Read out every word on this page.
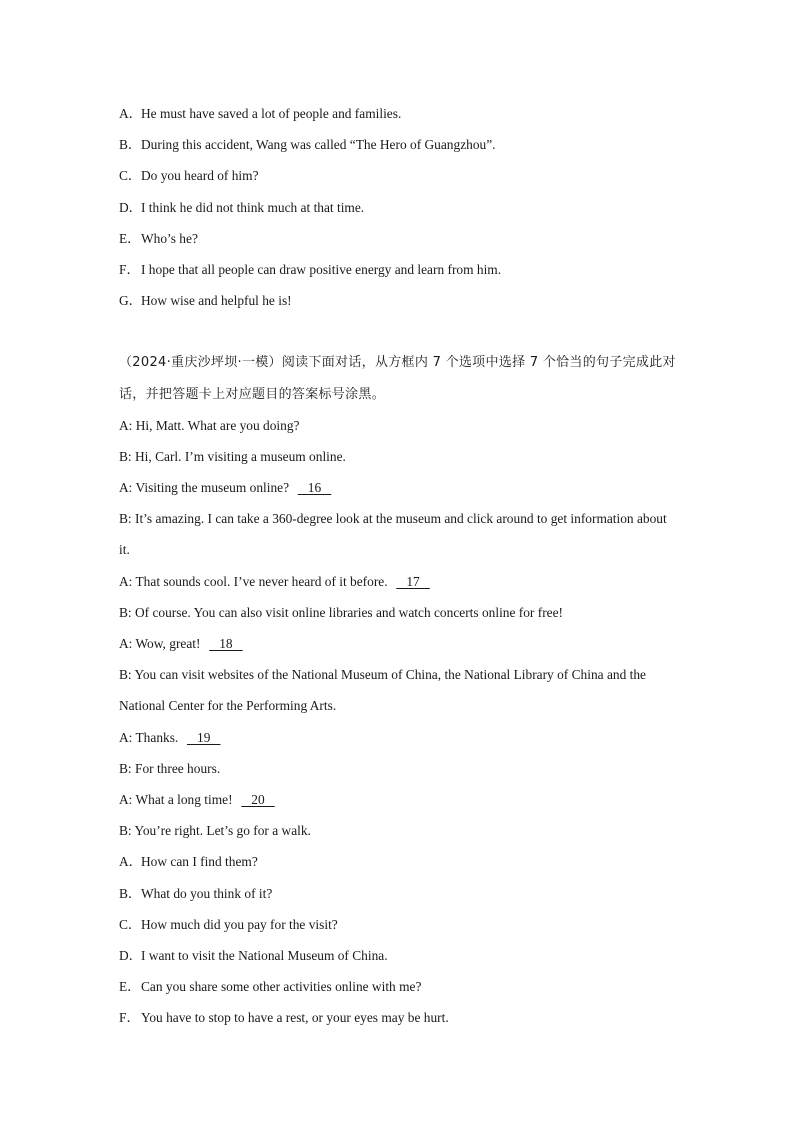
A．He must have saved a lot of people and families.
B．During this accident, Wang was called “The Hero of Guangzhou”.
C．Do you heard of him?
D．I think he did not think much at that time.
E．Who’s he?
F．I hope that all people can draw positive energy and learn from him.
G．How wise and helpful he is!
（2024·重庆沙坪坝·一模）阅读下面对话，从方框内 7 个选项中选择 7 个恰当的句子完成此对话，并把答题卡上对应题目的答案标号涂黑。
A: Hi, Matt. What are you doing?
B: Hi, Carl. I’m visiting a museum online.
A: Visiting the museum online?     16
B: It’s amazing. I can take a 360-degree look at the museum and click around to get information about it.
A: That sounds cool. I’ve never heard of it before.     17
B: Of course. You can also visit online libraries and watch concerts online for free!
A: Wow, great!     18
B: You can visit websites of the National Museum of China, the National Library of China and the National Center for the Performing Arts.
A: Thanks.     19
B: For three hours.
A: What a long time!     20
B: You’re right. Let’s go for a walk.
A．How can I find them?
B．What do you think of it?
C．How much did you pay for the visit?
D．I want to visit the National Museum of China.
E．Can you share some other activities online with me?
F．You have to stop to have a rest, or your eyes may be hurt.
